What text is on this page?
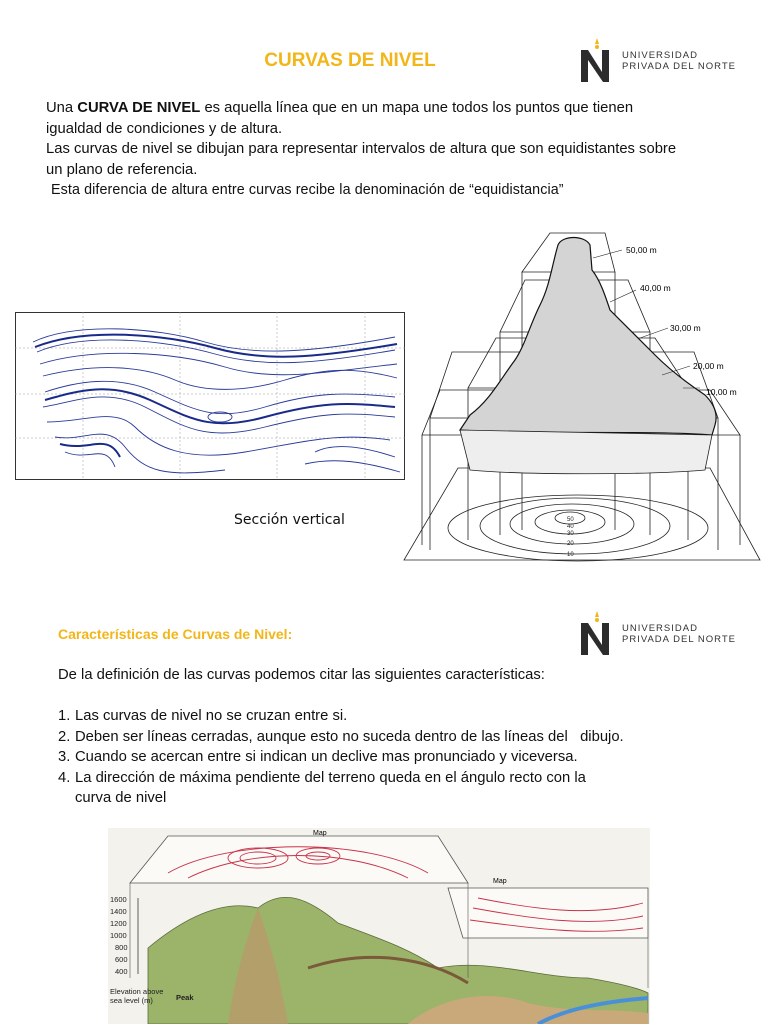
CURVAS DE NIVEL	UNIVERSIDAD
PRIVADA DEL NORTE

Una CURVA DE NIVEL es aquella línea que en un mapa une todos los puntos que tienen igualdad de condiciones y de altura.

Las curvas de nivel se dibujan para representar intervalos de altura que son equidistantes sobre un plano de referencia.

Esta diferencia de altura entre curvas recibe la denominación de “equidistancia”

Sección vertical
50,00 m
40,00 m
30,00 m
20,00 m
10,00 m
50
40
30
20
10
Características de Curvas de Nivel:	UNIVERSIDAD
PRIVADA DEL NORTE
De la definición de las curvas podemos citar las siguientes características:
1. Las curvas de nivel no se cruzan entre si.
2. Deben ser líneas cerradas, aunque esto no suceda dentro de las líneas del   dibujo.
3. Cuando se acercan entre si indican un declive mas pronunciado y viceversa.
4. La dirección de máxima pendiente del terreno queda en el ángulo recto con la
curva de nivel
Map
Map
1600
1400
1200
1000
800
600
400
Elevation above
sea level (m)	Peak
